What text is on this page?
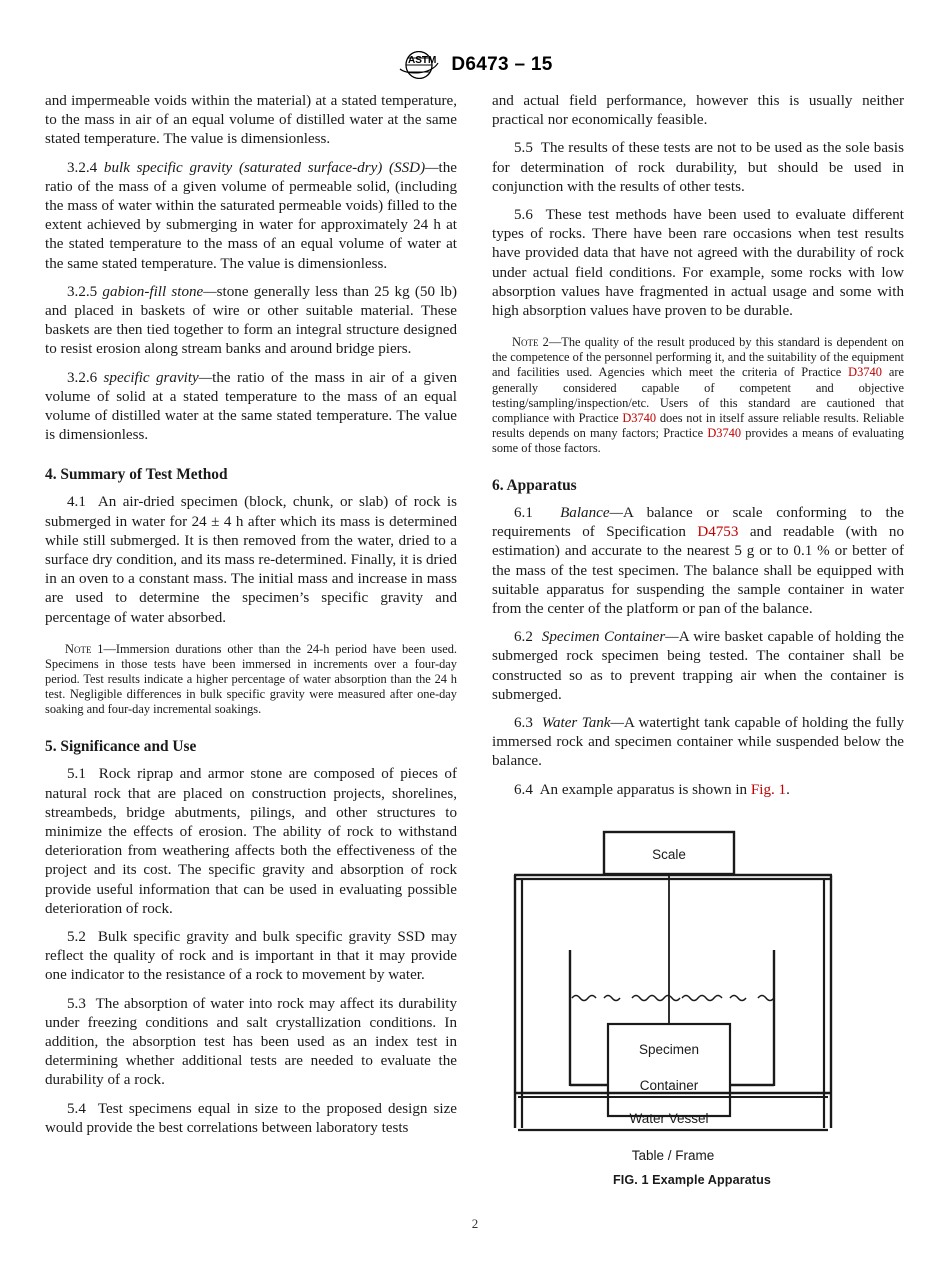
ASTM D6473 – 15

and impermeable voids within the material) at a stated temperature, to the mass in air of an equal volume of distilled water at the same stated temperature. The value is dimensionless.

3.2.4 bulk specific gravity (saturated surface-dry) (SSD)—the ratio of the mass of a given volume of permeable solid, (including the mass of water within the saturated permeable voids) filled to the extent achieved by submerging in water for approximately 24 h at the stated temperature to the mass of an equal volume of water at the same stated temperature. The value is dimensionless.

3.2.5 gabion-fill stone—stone generally less than 25 kg (50 lb) and placed in baskets of wire or other suitable material. These baskets are then tied together to form an integral structure designed to resist erosion along stream banks and around bridge piers.

3.2.6 specific gravity—the ratio of the mass in air of a given volume of solid at a stated temperature to the mass of an equal volume of distilled water at the same stated temperature. The value is dimensionless.

4. Summary of Test Method

4.1 An air-dried specimen (block, chunk, or slab) of rock is submerged in water for 24 ± 4 h after which its mass is determined while still submerged. It is then removed from the water, dried to a surface dry condition, and its mass re-determined. Finally, it is dried in an oven to a constant mass. The initial mass and increase in mass are used to determine the specimen’s specific gravity and percentage of water absorbed.

Note 1—Immersion durations other than the 24-h period have been used. Specimens in those tests have been immersed in increments over a four-day period. Test results indicate a higher percentage of water absorption than the 24 h test. Negligible differences in bulk specific gravity were measured after one-day soaking and four-day incremental soakings.

5. Significance and Use

5.1 Rock riprap and armor stone are composed of pieces of natural rock that are placed on construction projects, shorelines, streambeds, bridge abutments, pilings, and other structures to minimize the effects of erosion. The ability of rock to withstand deterioration from weathering affects both the effectiveness of the project and its cost. The specific gravity and absorption of rock provide useful information that can be used in evaluating possible deterioration of rock.

5.2 Bulk specific gravity and bulk specific gravity SSD may reflect the quality of rock and is important in that it may provide one indicator to the resistance of a rock to movement by water.

5.3 The absorption of water into rock may affect its durability under freezing conditions and salt crystallization conditions. In addition, the absorption test has been used as an index test in determining whether additional tests are needed to evaluate the durability of a rock.

5.4 Test specimens equal in size to the proposed design size would provide the best correlations between laboratory tests

and actual field performance, however this is usually neither practical nor economically feasible.

5.5 The results of these tests are not to be used as the sole basis for determination of rock durability, but should be used in conjunction with the results of other tests.

5.6 These test methods have been used to evaluate different types of rocks. There have been rare occasions when test results have provided data that have not agreed with the durability of rock under actual field conditions. For example, some rocks with low absorption values have fragmented in actual usage and some with high absorption values have proven to be durable.

Note 2—The quality of the result produced by this standard is dependent on the competence of the personnel performing it, and the suitability of the equipment and facilities used. Agencies which meet the criteria of Practice D3740 are generally considered capable of competent and objective testing/sampling/inspection/etc. Users of this standard are cautioned that compliance with Practice D3740 does not in itself assure reliable results. Reliable results depends on many factors; Practice D3740 provides a means of evaluating some of those factors.

6. Apparatus

6.1 Balance—A balance or scale conforming to the requirements of Specification D4753 and readable (with no estimation) and accurate to the nearest 5 g or to 0.1 % or better of the mass of the test specimen. The balance shall be equipped with suitable apparatus for suspending the sample container in water from the center of the platform or pan of the balance.

6.2 Specimen Container—A wire basket capable of holding the submerged rock specimen being tested. The container shall be constructed so as to prevent trapping air when the container is submerged.

6.3 Water Tank—A watertight tank capable of holding the fully immersed rock and specimen container while suspended below the balance.

6.4 An example apparatus is shown in Fig. 1.

Scale
Specimen
Container
Water Vessel
Table / Frame
FIG. 1 Example Apparatus
2
